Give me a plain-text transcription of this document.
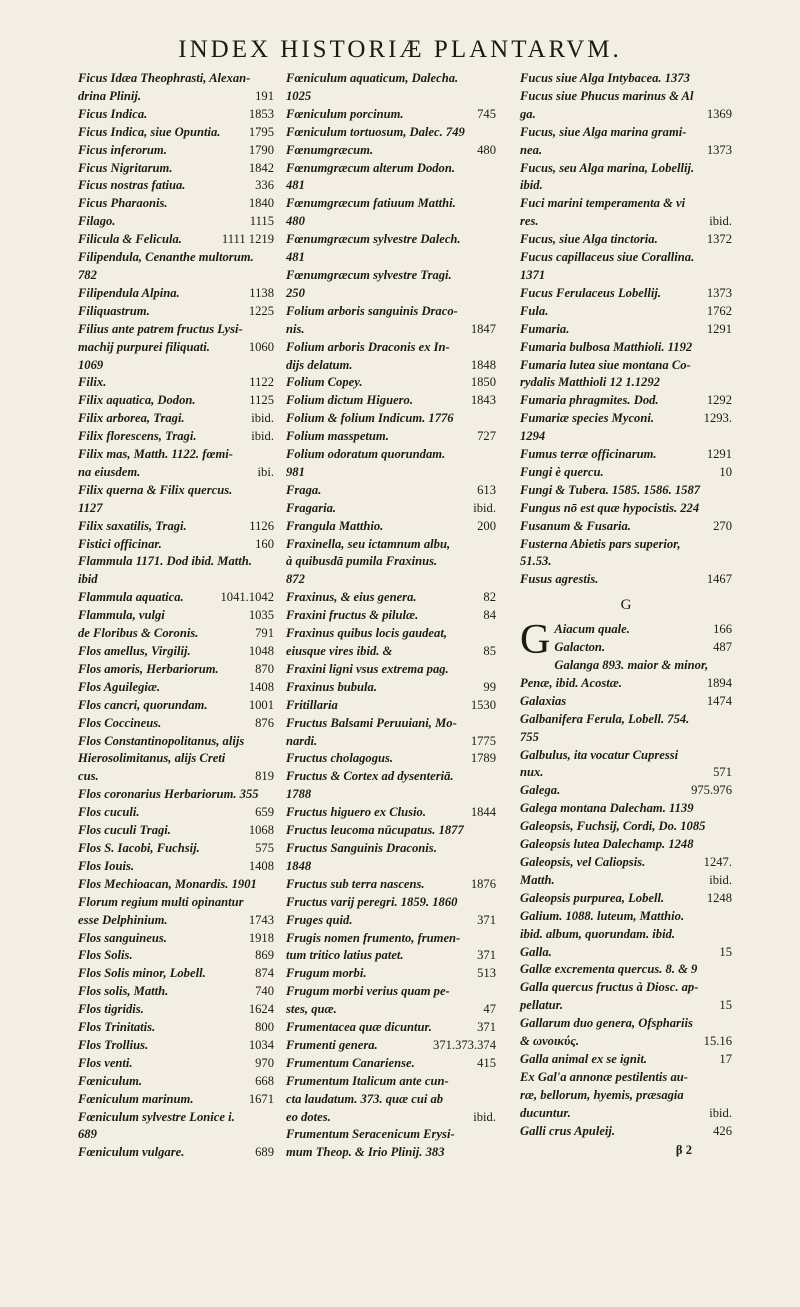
INDEX HISTORIÆ PLANTARVM.
Ficus Idæa Theophrasti, Alexan-
191
drina Plinij.
1853
Ficus Indica.
1795
Ficus Indica, siue Opuntia.
1790
Ficus inferorum.
1842
Ficus Nigritarum.
336
Ficus nostras fatiua.
1840
Ficus Pharaonis.
1115
Filago.
1111 1219
Filicula & Felicula.
Filipendula, Cenanthe multorum.
782
1138
Filipendula Alpina.
1225
Filiquastrum.
Filius ante patrem fructus Lysi-
1060
machij purpurei filiquati.
1069
1122
Filix.
1125
Filix aquatica, Dodon.
ibid.
Filix arborea, Tragi.
ibid.
Filix florescens, Tragi.
Filix mas, Matth. 1122. fœmi-
ibi.
na eiusdem.
Filix querna & Filix quercus.
1127
1126
Filix saxatilis, Tragi.
160
Fistici officinar.
Flammula 1171. Dod ibid. Matth.
ibid
1041.1042
Flammula aquatica.
1035
Flammula, vulgi
791
de Floribus & Coronis.
1048
Flos amellus, Virgilij.
870
Flos amoris, Herbariorum.
1408
Flos Aguilegiæ.
1001
Flos cancri, quorundam.
876
Flos Coccineus.
Flos Constantinopolitanus, alijs
Hierosolimitanus, alijs Creti
819
cus.
Flos coronarius Herbariorum. 355
659
Flos cuculi.
1068
Flos cuculi Tragi.
575
Flos S. Iacobi, Fuchsij.
1408
Flos Iouis.
Flos Mechioacan, Monardis. 1901
Florum regium multi opinantur
1743
esse Delphinium.
1918
Flos sanguineus.
869
Flos Solis.
874
Flos Solis minor, Lobell.
740
Flos solis, Matth.
1624
Flos tigridis.
800
Flos Trinitatis.
1034
Flos Trollius.
970
Flos venti.
668
Fœniculum.
1671
Fœniculum marinum.
Fœniculum sylvestre Lonice i.
689
689
Fœniculum vulgare.
Fœniculum aquaticum, Dalecha.
1025
745
Fœniculum porcinum.
Fœniculum tortuosum, Dalec. 749
480
Fœnumgræcum.
Fœnumgræcum alterum Dodon.
481
Fœnumgræcum fatiuum Matthi.
480
Fœnumgræcum sylvestre Dalech.
481
Fœnumgræcum sylvestre Tragi.
250
Folium arboris sanguinis Draco-
1847
nis.
Folium arboris Draconis ex In-
1848
dijs delatum.
1850
Folium Copey.
1843
Folium dictum Higuero.
Folium & folium Indicum. 1776
727
Folium masspetum.
Folium odoratum quorundam.
981
613
Fraga.
ibid.
Fragaria.
200
Frangula Matthio.
Fraxinella, seu ictamnum albu,
à quibusdā pumila Fraxinus.
872
82
Fraxinus, & eius genera.
84
Fraxini fructus & pilulæ.
Fraxinus quibus locis gaudeat,
85
eiusque vires ibid. &
Fraxini ligni vsus extrema pag.
99
Fraxinus bubula.
1530
Fritillaria
Fructus Balsami Peruuiani, Mo-
1775
nardi.
1789
Fructus cholagogus.
Fructus & Cortex ad dysenteriā.
1788
1844
Fructus higuero ex Clusio.
Fructus leucoma nūcupatus. 1877
Fructus Sanguinis Draconis.
1848
1876
Fructus sub terra nascens.
Fructus varij peregri. 1859. 1860
371
Fruges quid.
Frugis nomen frumento, frumen-
371
tum tritico latius patet.
513
Frugum morbi.
Frugum morbi verius quam pe-
47
stes, quæ.
371
Frumentacea quæ dicuntur.
371.373.374
Frumenti genera.
415
Frumentum Canariense.
Frumentum Italicum ante cun-
cta laudatum. 373. quæ cui ab
ibid.
eo dotes.
Frumentum Seracenicum Erysi-
mum Theop. & Irio Plinij. 383
Fucus siue Alga Intybacea. 1373
Fucus siue Phucus marinus & Al
1369
ga.
Fucus, siue Alga marina grami-
1373
nea.
Fucus, seu Alga marina, Lobellij.
ibid.
Fuci marini temperamenta & vi
ibid.
res.
1372
Fucus, siue Alga tinctoria.
Fucus capillaceus siue Corallina.
1371
1373
Fucus Ferulaceus Lobellij.
1762
Fula.
1291
Fumaria.
Fumaria bulbosa Matthioli. 1192
Fumaria lutea siue montana Co-
rydalis Matthioli 12 1.1292
1292
Fumaria phragmites. Dod.
1293.
Fumariæ species Myconi.
1294
1291
Fumus terræ officinarum.
10
Fungi è quercu.
Fungi & Tubera. 1585. 1586. 1587
Fungus nō est quæ hypocistis. 224
270
Fusanum & Fusaria.
Fusterna Abietis pars superior,
51.53.
1467
Fusus agrestis.
G
G	166
Aiacum quale.
487
Galacton.
Galanga 893. maior & minor,
1894
Penæ, ibid. Acostæ.
1474
Galaxias
Galbanifera Ferula, Lobell. 754.
755
Galbulus, ita vocatur Cupressi
571
nux.
975.976
Galega.
Galega montana Dalecham. 1139
Galeopsis, Fuchsij, Cordi, Do. 1085
Galeopsis lutea Dalechamp. 1248
1247.
Galeopsis, vel Caliopsis.
ibid.
Matth.
1248
Galeopsis purpurea, Lobell.
Galium. 1088. luteum, Matthio.
ibid. album, quorundam. ibid.
15
Galla.
Gallæ excrementa quercus. 8. & 9
Galla quercus fructus à Diosc. ap-
15
pellatur.
Gallarum duo genera, Ofsphariis
15.16
& ωνοικύς.
17
Galla animal ex se ignit.
Ex Gal'a annonæ pestilentis au-
ræ, bellorum, hyemis, præsagia
ibid.
ducuntur.
426
Galli crus Apuleij.
β 2
